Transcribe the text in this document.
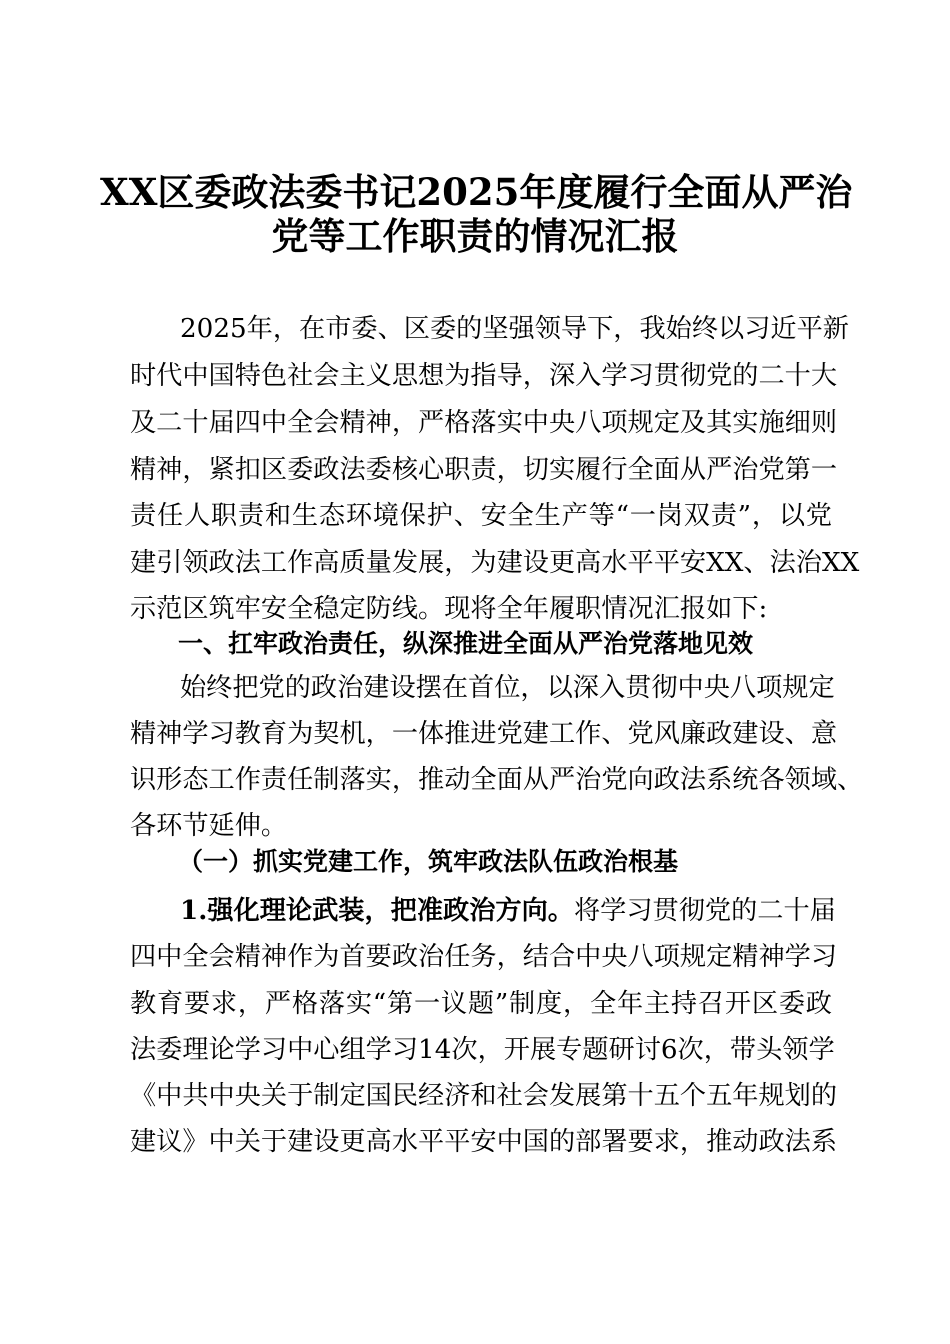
XX区委政法委书记2025年度履行全面从严治
党等工作职责的情况汇报
2025年，在市委、区委的坚强领导下，我始终以习近平新
时代中国特色社会主义思想为指导，深入学习贯彻党的二十大
及二十届四中全会精神，严格落实中央八项规定及其实施细则
精神，紧扣区委政法委核心职责，切实履行全面从严治党第一
责任人职责和生态环境保护、安全生产等“一岗双责”，以党
建引领政法工作高质量发展，为建设更高水平平安XX、法治XX
示范区筑牢安全稳定防线。现将全年履职情况汇报如下:
一、扛牢政治责任，纵深推进全面从严治党落地见效
始终把党的政治建设摆在首位，以深入贯彻中央八项规定
精神学习教育为契机，一体推进党建工作、党风廉政建设、意
识形态工作责任制落实，推动全面从严治党向政法系统各领域、
各环节延伸。
（一）抓实党建工作，筑牢政法队伍政治根基
1.强化理论武装，把准政治方向。将学习贯彻党的二十届
四中全会精神作为首要政治任务，结合中央八项规定精神学习
教育要求，严格落实“第一议题”制度，全年主持召开区委政
法委理论学习中心组学习14次，开展专题研讨6次，带头领学
《中共中央关于制定国民经济和社会发展第十五个五年规划的
建议》中关于建设更高水平平安中国的部署要求，推动政法系
